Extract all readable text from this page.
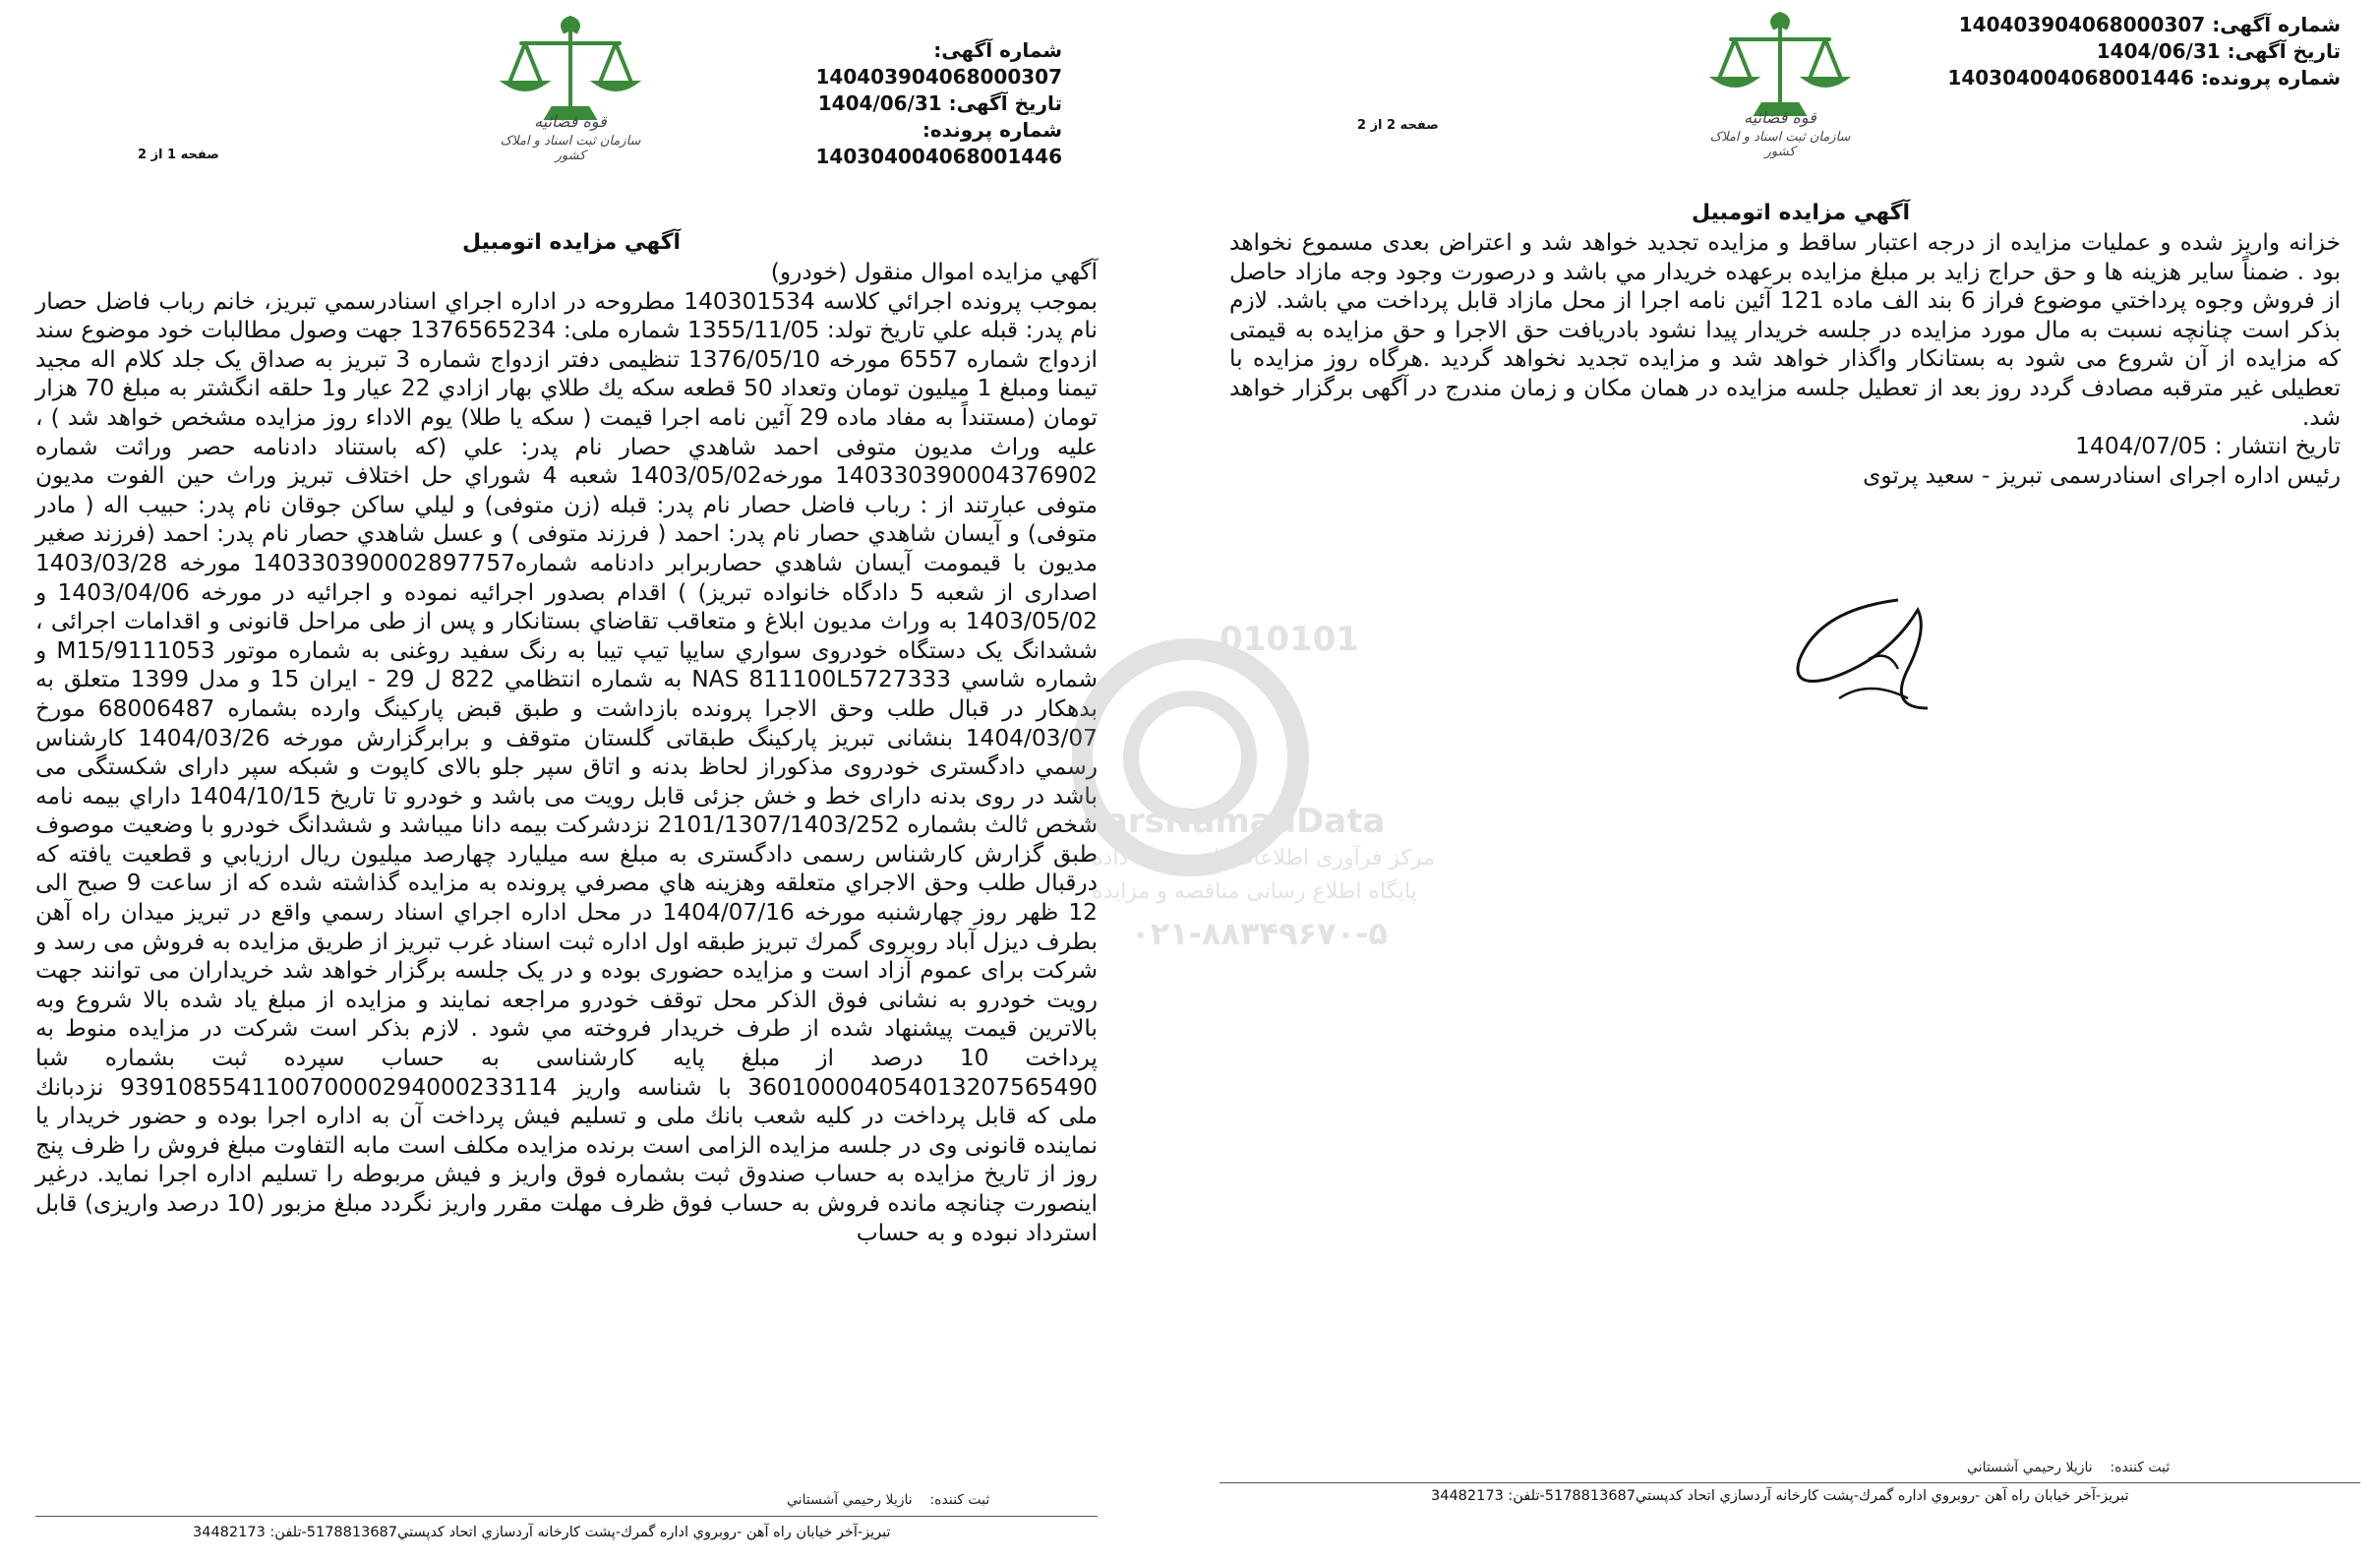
قوه قضائیه
سازمان ثبت اسناد و املاک کشور
شماره آگهی: 140403904068000307
تاریخ آگهی: 1404/06/31
شماره پرونده: 140304004068001446
صفحه 1 از 2
آگهي مزايده اتومبيل

آگهي مزايده اموال منقول (خودرو)

بموجب پرونده اجرائي كلاسه 140301534 مطروحه در اداره اجراي اسنادرسمي تبريز، خانم رباب فاضل حصار نام پدر: قبله علي تاريخ تولد: 1355/11/05 شماره ملی: 1376565234 جهت وصول مطالبات خود موضوع سند ازدواج شماره 6557 مورخه 1376/05/10 تنظيمی دفتر ازدواج شماره 3 تبريز به صداق یک جلد كلام اله مجيد تيمنا ومبلغ 1 ميليون تومان وتعداد 50 قطعه سكه يك طلاي بهار ازادي 22 عيار و1 حلقه انگشتر به مبلغ 70 هزار تومان (مستنداً به مفاد ماده 29 آئین نامه اجرا قیمت ( سکه یا طلا) يوم الاداء روز مزايده مشخص خواهد شد ) ، عليه وراث مديون متوفی احمد شاهدي حصار نام پدر: علي (كه باستناد دادنامه حصر وراثت شماره 140330390004376902 مورخه1403/05/02 شعبه 4 شوراي حل اختلاف تبريز وراث حين الفوت مديون متوفی عبارتند از : رباب فاضل حصار نام پدر: قبله (زن متوفی) و ليلي ساكن جوقان نام پدر: حبيب اله ( مادر متوفی) و آيسان شاهدي حصار نام پدر: احمد ( فرزند متوفی ) و عسل شاهدي حصار نام پدر: احمد (فرزند صغير مديون با قيمومت آيسان شاهدي حصاربرابر دادنامه شماره140330390002897757 مورخه 1403/03/28 اصداری از شعبه 5 دادگاه خانواده تبریز) ) اقدام بصدور اجرائيه نموده و اجرائيه در مورخه 1403/04/06 و 1403/05/02 به وراث مديون ابلاغ و متعاقب تقاضاي بستانكار و پس از طی مراحل قانونی و اقدامات اجرائی ، ششدانگ يک دستگاه خودروی سواري سايپا تيپ تيبا به رنگ سفيد روغنی به شماره موتور M15/9111053 و شماره شاسي NAS 811100L5727333 به شماره انتظامي 822 ل 29 - ايران 15 و مدل 1399 متعلق به بدهكار در قبال طلب وحق الاجرا پرونده بازداشت و طبق قبض پاركينگ وارده بشماره 68006487 مورخ 1404/03/07 بنشانی تبریز پارکینگ طبقاتی گلستان متوقف و برابرگزارش مورخه 1404/03/26 كارشناس رسمي دادگستری خودروی مذكوراز لحاظ بدنه و اتاق سپر جلو بالای کاپوت و شبکه سپر دارای شکستگی می باشد در روی بدنه دارای خط و خش جزئی قابل رويت می باشد و خودرو تا تاريخ 1404/10/15 داراي بيمه نامه شخص ثالث بشماره 2101/1307/1403/252 نزدشرکت بیمه دانا ميباشد و ششدانگ خودرو با وضعيت موصوف طبق گزارش كارشناس رسمی دادگستری به مبلغ سه ميليارد چهارصد ميليون ريال ارزيابي و قطعيت يافته كه درقبال طلب وحق الاجراي متعلقه وهزينه هاي مصرفي پرونده به مزايده گذاشته شده كه از ساعت 9 صبح الی 12 ظهر روز چهارشنبه مورخه 1404/07/16 در محل اداره اجراي اسناد رسمي واقع در تبريز ميدان راه آهن بطرف دیزل آباد روبروی گمرك تبريز طبقه اول اداره ثبت اسناد غرب تبریز از طريق مزايده به فروش می رسد و شرکت برای عموم آزاد است و مزايده حضوری بوده و در يک جلسه برگزار خواهد شد خريداران می توانند جهت رويت خودرو به نشانی فوق الذکر محل توقف خودرو مراجعه نمايند و مزايده از مبلغ ياد شده بالا شروع وبه بالاترين قيمت پيشنهاد شده از طرف خريدار فروخته مي شود . لازم بذكر است شركت در مزايده منوط به پرداخت 10 درصد از مبلغ پايه كارشناسی به حساب سپرده ثبت بشماره شبا 360100004054013207565490 با شناسه واريز 939108554110070000294000233114 نزدبانك ملی كه قابل پرداخت در كليه شعب بانك ملی و تسليم فيش پرداخت آن به اداره اجرا بوده و حضور خريدار يا نماينده قانونی وی در جلسه مزايده الزامی است برنده مزايده مكلف است مابه التفاوت مبلغ فروش را ظرف پنج روز از تاريخ مزايده به حساب صندوق ثبت بشماره فوق واريز و فيش مربوطه را تسليم اداره اجرا نمايد. درغير اينصورت چنانچه مانده فروش به حساب فوق ظرف مهلت مقرر واريز نگردد مبلغ مزبور (10 درصد واريزی) قابل استرداد نبوده و به حساب

ثبت كننده:    نازيلا رحيمي آشستاني
تبريز-آخر خيابان راه آهن -روبروي اداره گمرك-پشت كارخانه آردسازي اتحاد كدپستي5178813687-تلفن: 34482173
010101
ParsNamadData
مرکز فرآوری اطلاعات پارس نماد داده
پایگاه اطلاع رسانی مناقصه و مزایده
۰۲۱-۸۸۳۴۹۶۷۰-۵
قوه قضائیه
سازمان ثبت اسناد و املاک کشور
شماره آگهی: 140403904068000307
تاریخ آگهی: 1404/06/31
شماره پرونده: 140304004068001446
صفحه 2 از 2
آگهي مزايده اتومبيل

خزانه واريز شده و عمليات مزايده از درجه اعتبار ساقط و مزايده تجديد خواهد شد و اعتراض بعدی مسموع نخواهد بود . ضمناً ساير هزينه ها و حق حراج زايد بر مبلغ مزايده برعهده خريدار مي باشد و درصورت وجود وجه مازاد حاصل از فروش وجوه پرداختي موضوع فراز 6 بند الف ماده 121 آئين نامه اجرا از محل مازاد قابل پرداخت مي باشد. لازم بذكر است چنانچه نسبت به مال مورد مزايده در جلسه خريدار پيدا نشود بادريافت حق الاجرا و حق مزايده به قيمتی كه مزايده از آن شروع می شود به بستانكار واگذار خواهد شد و مزايده تجديد نخواهد گرديد .هرگاه روز مزايده با تعطيلی غير مترقبه مصادف گردد روز بعد از تعطيل جلسه مزايده در همان مكان و زمان مندرج در آگهی برگزار خواهد شد.

تاريخ انتشار : 1404/07/05

رئیس اداره اجرای اسنادرسمی تبریز - سعید پرتوی

ثبت كننده:    نازيلا رحيمي آشستاني
تبريز-آخر خيابان راه آهن -روبروي اداره گمرك-پشت كارخانه آردسازي اتحاد كدپستي5178813687-تلفن: 34482173
